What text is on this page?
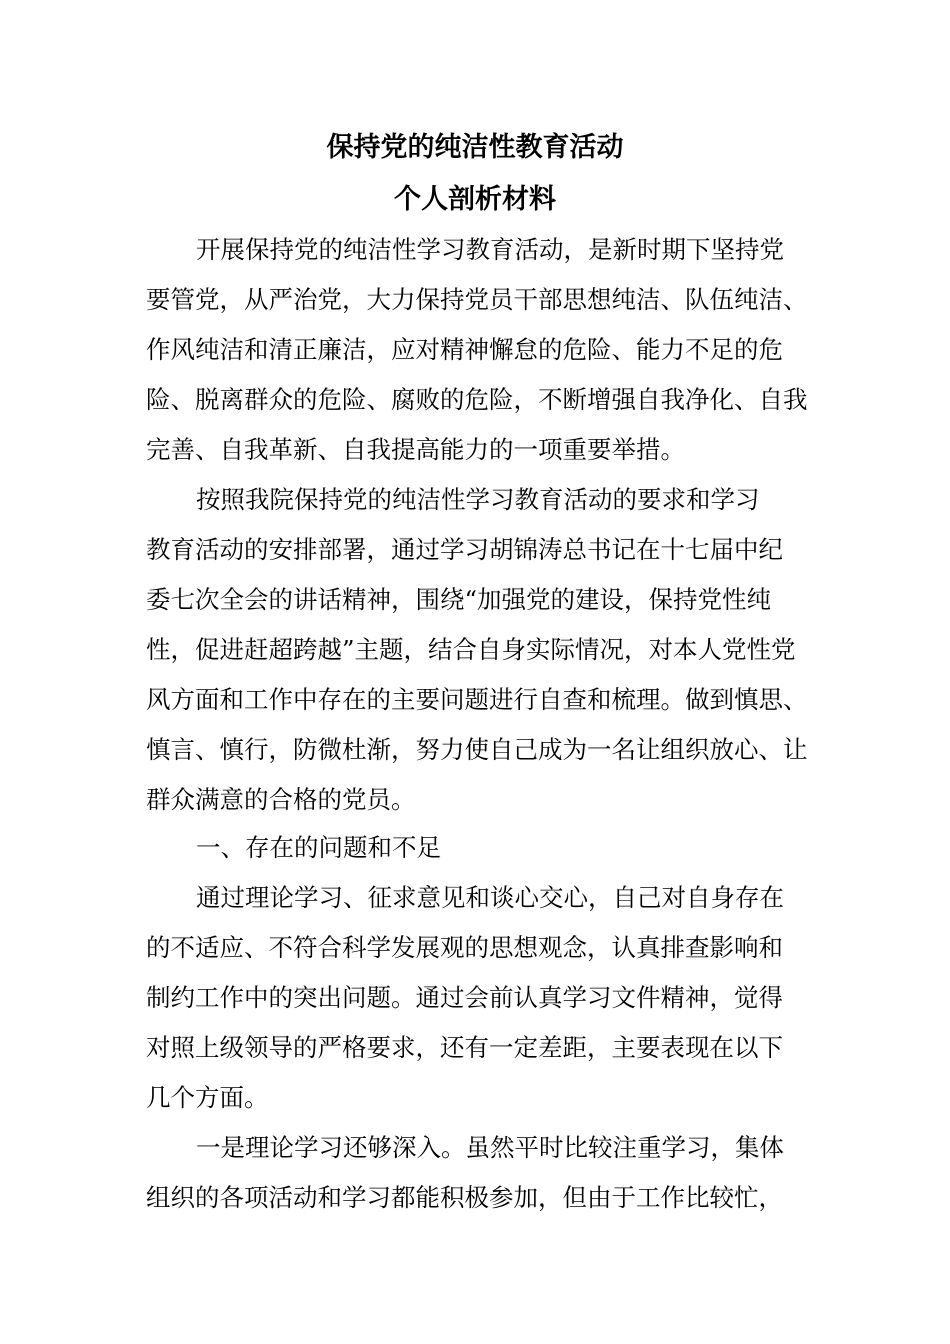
保持党的纯洁性教育活动
个人剖析材料
开展保持党的纯洁性学习教育活动，是新时期下坚持党
要管党，从严治党，大力保持党员干部思想纯洁、队伍纯洁、
作风纯洁和清正廉洁，应对精神懈怠的危险、能力不足的危
险、脱离群众的危险、腐败的危险，不断增强自我净化、自我
完善、自我革新、自我提高能力的一项重要举措。
按照我院保持党的纯洁性学习教育活动的要求和学习
教育活动的安排部署，通过学习胡锦涛总书记在十七届中纪
委七次全会的讲话精神，围绕“加强党的建设，保持党性纯
性，促进赶超跨越”主题，结合自身实际情况，对本人党性党
风方面和工作中存在的主要问题进行自查和梳理。做到慎思、
慎言、慎行，防微杜渐，努力使自己成为一名让组织放心、让
群众满意的合格的党员。
一、存在的问题和不足
通过理论学习、征求意见和谈心交心，自己对自身存在
的不适应、不符合科学发展观的思想观念，认真排查影响和
制约工作中的突出问题。通过会前认真学习文件精神，觉得
对照上级领导的严格要求，还有一定差距，主要表现在以下
几个方面。
一是理论学习还够深入。虽然平时比较注重学习，集体
组织的各项活动和学习都能积极参加，但由于工作比较忙，
